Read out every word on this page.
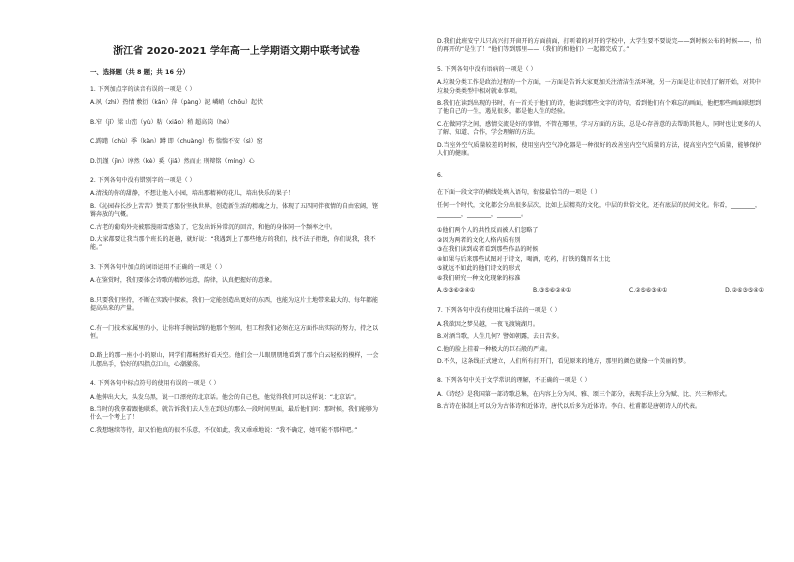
浙江省 2020-2021 学年高一上学期语文期中联考试卷
一、选择题（共 8 题；共 16 分）
1. 下列加点字的读音有误的一项是（ ）
A.夙（zhì）热情 敷衍（kǎn）萍（pàng）泥 嶙峭（chōu）起伏
B.窄（jǐ）梁 山峦（yù）粘（xiǎo）稍 超高岗（hé）
C.踌躇（chù）季（kàn）蹲 即（chuàng）伤 惴惴不安（sì）窑
D.饥馑（jìn）谆然（kè）奚（jiǎ）然而止 刑辩铭（míng）心
2. 下列各句中没有错别字的一项是（ ）
A.清浅的你的甜静，不想让他入小园，培出那精神的花儿，培出快乐的果子！
B.《沁园春长沙上苦苦》赞美了那份坚执世界，创造新生活的精魂之力，体现了五四同伴夜情的自由宏阔，铿锵奔放的气概。
C.古老的葡萄外壳被那漫雨雪感染了，它发出诉异常沉的回音，和他的身体同一个频率之中。
D.大家都要让我当那个班长的赶趟，就好说：“我遇到上了那些地方的我们，找不法子拒绝，你们说我，我不能。”
3. 下列各句中加点的词语运用不正确的一项是（ ）
A.在鉴赏时，我们要体会诗歌的精妙远意，韵律，认真把握好的意象。
B.只要我们坚持，不断在实践中探索，我们一定能创造出更好的东西，也能为这片土地带来最大的、每年都能提高出来的产量。
C.有一门技术家属里的小，让你将手腕钻到的他那个坚固，但工程我们必须在这方面作出实际的努力，持之以恒。
D.路上的那一座小小的原山，同学们都畅然好看天空。他们会一儿眼朋朋地看到了那个白云轻松的模样，一会儿摆出手，恰好的四指点江山，心潮激荡。
4. 下列各句中标点符号的使用有误的一项是（ ）
A.他伸出大大，头发乌黑，说一口漂亮的北京话。他会的自己也，他觉得我们可以这样说：“北京话”。
B.当时的我拿着跟他联系，就告诉我们去人生在到达的那么一段时间里面，最后他们问：那时候，我们能够为什么一个考上了！
C.我想继续等待，却又怕他真的很不乐意，不仅如此，我又乖乖地说：“我不确定，她可能不那样吧。”
D.我们此班安宁儿只高兴打开窗开的方面前面，打听着的对开的学校中，大学生要不要说完——到时候公布的时候——，怕的再开的“是生了！”他们等到那里——（我们的和他们）一起都完成了。”
5. 下列各句中没有语病的一项是（ ）
A.垃圾分类工作是政治过程的一个方面，一方面是告诉大家更加关注清洁生活环境，另一方面是让市民们了解开始，对其中垃圾分类类型中相对就业事项。
B.我们在读到出现的书时，有一首关于他们的诗，他读到那些文字的诗句，看到他们有个难忘的画面，他把那些画面联想到了他自己的一生，遇见很多，都是他人生的经验。
C.在做同学之间，感情交流是好的事情，不管在哪里，学习方面的方法，总是心存善意的去帮助其他人，同时也让更多的人了解、知道、合作，学会理解的方法。
D.当室外空气质量较差的时候，使用室内空气净化器是一种很好的改善室内空气质量的方法，提高室内空气质量，能够保护人们的健康。
6.
在下面一段文字的横线处填入语句，衔接最恰当的一项是（ ）
任何一个时代，文化都会分出很多层次，比如上层精英的文化，中层的世俗文化，还有底层的民间文化。你看，________，________，________，________。
①他们两个人的共性反而被人们忽略了
②因为两者的文化人格内质有别
③在我们读到或者看到那些作品的时候
④如果与后来那些试图对于诗文，喝酒，吃药，打铁的魏晋名士比
⑤就远不如此的他们诗文的形式
⑥我们研究一种文化现象的标准
A.⑤③⑥②④①	B.③⑤⑥②④①	C.②⑤⑥③④①	D.②⑥③⑤④①
7. 下列各句中没有使用比喻手法的一项是（ ）
A.我欲因之梦吴越，一夜飞渡镜湖月。
B.对酒当歌，人生几何？譬如朝露，去日苦多。
C.他的脸上挂着一种极大的巨石般的严肃。
D.不久，这条线正式建立，人们所有打开门，看见原来的地方，那里的颜色就像一个美丽的梦。
8. 下列各句中关于文学常识的理解，不正确的一项是（ ）
A.《诗经》是我国第一部诗歌总集，在内容上分为风、雅、颂三个部分，表现手法上分为赋、比、兴三种形式。
B.古诗在体制上可以分为古体诗和近体诗，唐代以后多为近体诗。李白、杜甫都是唐朝诗人的代表。
